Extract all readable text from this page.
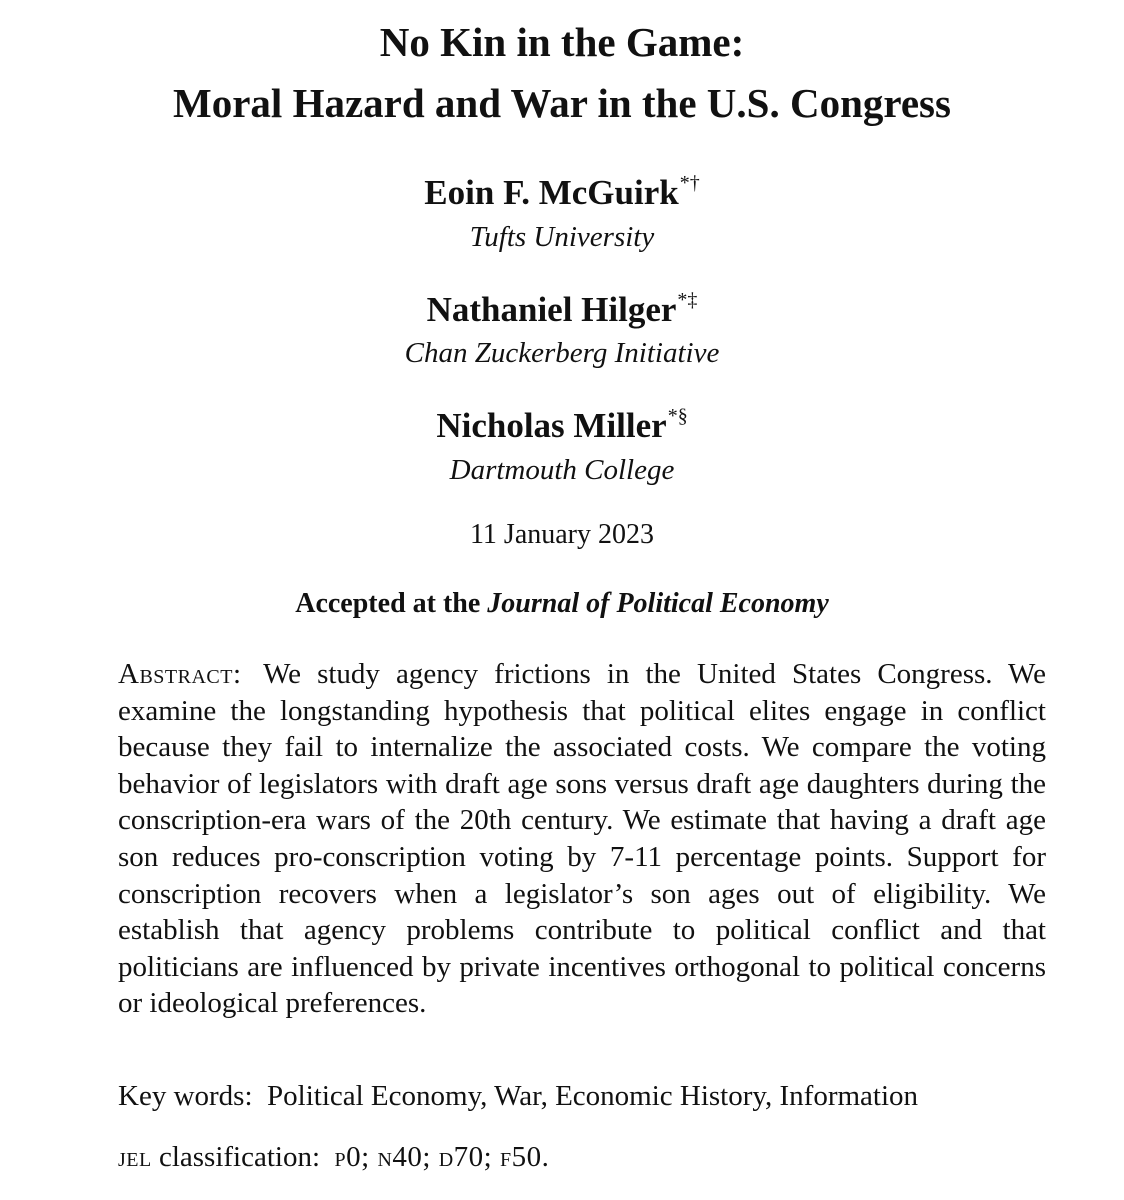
No Kin in the Game:
Moral Hazard and War in the U.S. Congress
Eoin F. McGuirk*†
Tufts University
Nathaniel Hilger*‡
Chan Zuckerberg Initiative
Nicholas Miller*§
Dartmouth College
11 January 2023
Accepted at the Journal of Political Economy
Abstract: We study agency frictions in the United States Congress. We examine the longstanding hypothesis that political elites engage in conflict because they fail to internalize the associated costs. We compare the voting behavior of legislators with draft age sons versus draft age daughters during the conscription-era wars of the 20th century. We estimate that having a draft age son reduces pro-conscription voting by 7-11 percentage points. Support for conscription recovers when a legislator’s son ages out of eligibility. We establish that agency problems contribute to political conflict and that politicians are influenced by private incentives orthogonal to political concerns or ideological preferences.
Key words: Political Economy, War, Economic History, Information
jel classification: p0; n40; d70; f50.
